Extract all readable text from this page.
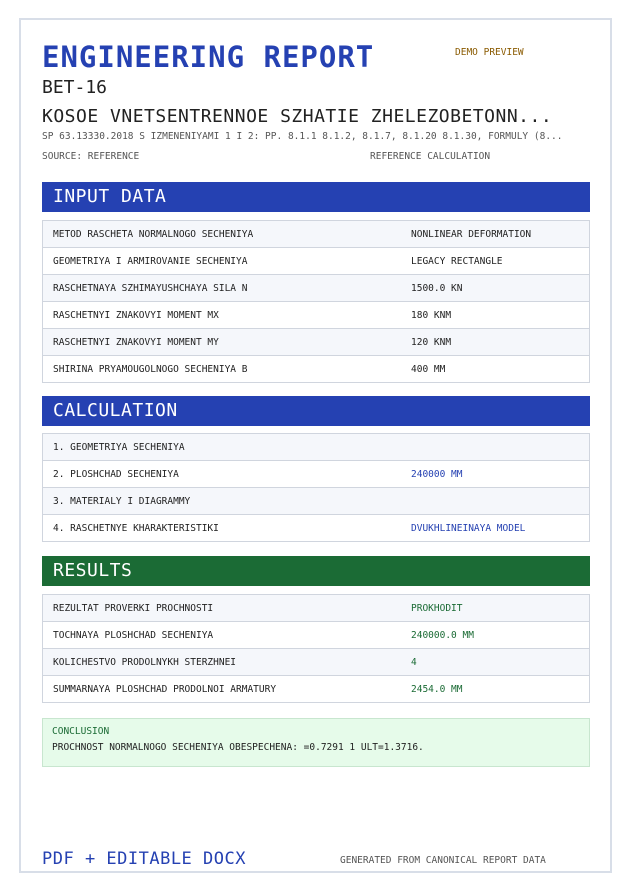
ENGINEERING REPORT	DEMO PREVIEW
BET-16
KOSOE VNETSENTRENNOE SZHATIE ZHELEZOBETONN...
SP 63.13330.2018 S IZMENENIYAMI 1 I 2: PP. 8.1.1 8.1.2, 8.1.7, 8.1.20 8.1.30, FORMULY (8...
SOURCE: REFERENCE	REFERENCE CALCULATION
INPUT DATA
METOD RASCHETA NORMALNOGO SECHENIYA	NONLINEAR DEFORMATION
GEOMETRIYA I ARMIROVANIE SECHENIYA	LEGACY RECTANGLE
RASCHETNAYA SZHIMAYUSHCHAYA SILA N	1500.0 KN
RASCHETNYI ZNAKOVYI MOMENT MX	180 KNM
RASCHETNYI ZNAKOVYI MOMENT MY	120 KNM
SHIRINA PRYAMOUGOLNOGO SECHENIYA B	400 MM
CALCULATION
1. GEOMETRIYA SECHENIYA
2. PLOSHCHAD SECHENIYA	240000 MM
3. MATERIALY I DIAGRAMMY
4. RASCHETNYE KHARAKTERISTIKI	DVUKHLINEINAYA MODEL
RESULTS
REZULTAT PROVERKI PROCHNOSTI	PROKHODIT
TOCHNAYA PLOSHCHAD SECHENIYA	240000.0 MM
KOLICHESTVO PRODOLNYKH STERZHNEI	4
SUMMARNAYA PLOSHCHAD PRODOLNOI ARMATURY	2454.0 MM
CONCLUSION
PROCHNOST NORMALNOGO SECHENIYA OBESPECHENA: =0.7291 1 ULT=1.3716.
PDF + EDITABLE DOCX	GENERATED FROM CANONICAL REPORT DATA
